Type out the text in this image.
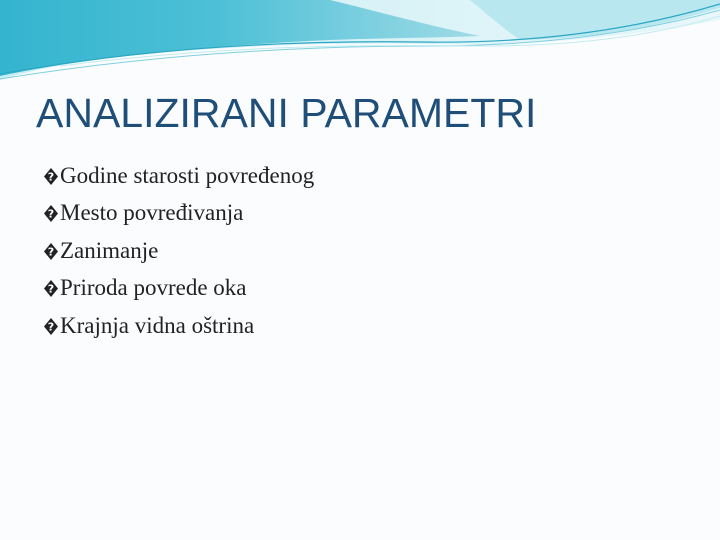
ANALIZIRANI PARAMETRI
? Godine starosti povređenog
? Mesto povređivanja
? Zanimanje
? Priroda povrede oka
? Krajnja vidna oštrina
